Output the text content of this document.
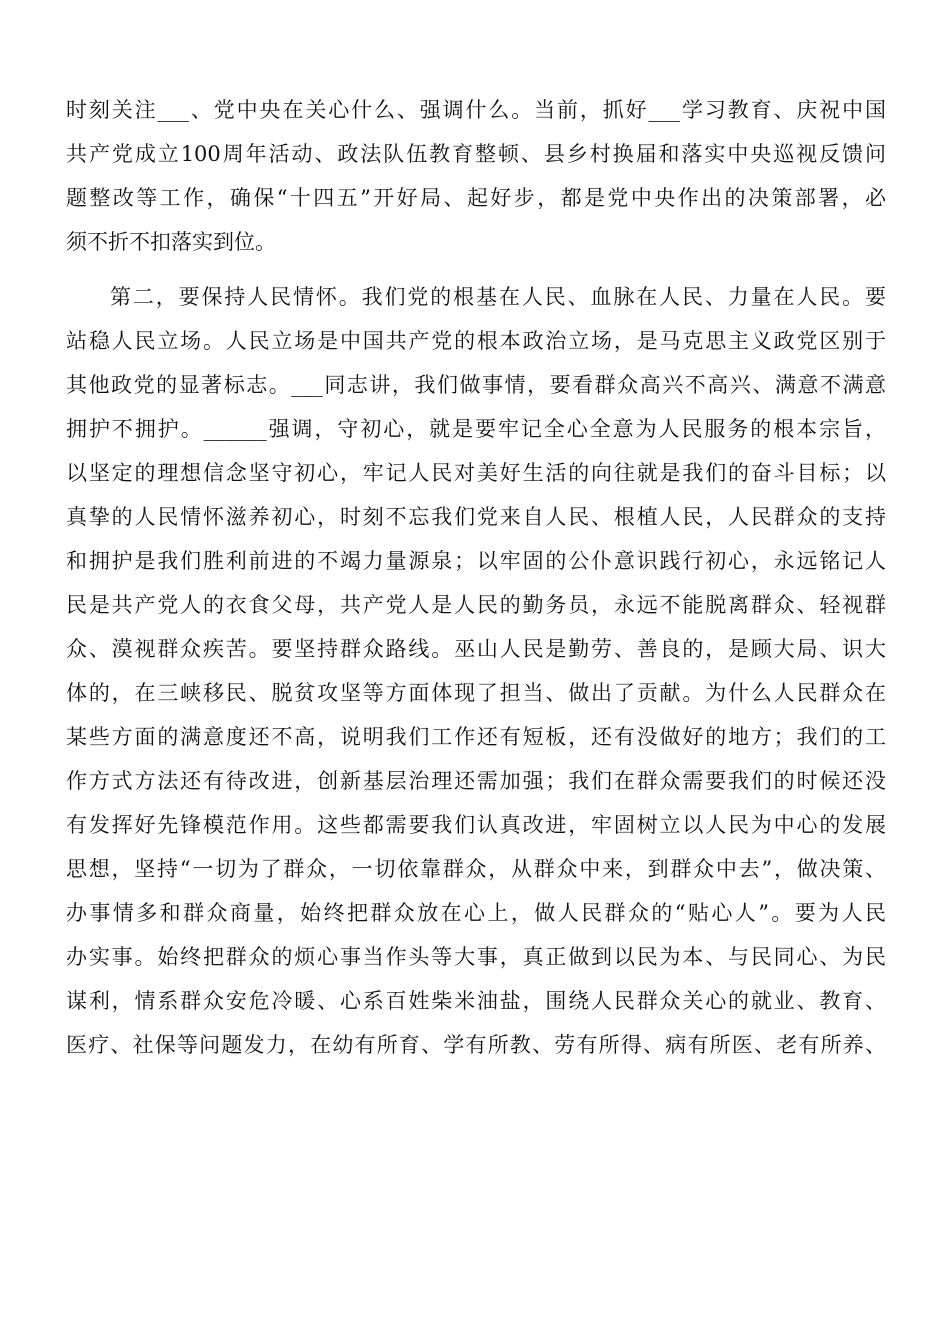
时刻关注___、党中央在关心什么、强调什么。当前，抓好___学习教育、庆祝中国
共产党成立100周年活动、政法队伍教育整顿、县乡村换届和落实中央巡视反馈问
题整改等工作，确保“十四五”开好局、起好步，都是党中央作出的决策部署，必
须不折不扣落实到位。
第二，要保持人民情怀。我们党的根基在人民、血脉在人民、力量在人民。要
站稳人民立场。人民立场是中国共产党的根本政治立场，是马克思主义政党区别于
其他政党的显著标志。___同志讲，我们做事情，要看群众高兴不高兴、满意不满意
拥护不拥护。______强调，守初心，就是要牢记全心全意为人民服务的根本宗旨，
以坚定的理想信念坚守初心，牢记人民对美好生活的向往就是我们的奋斗目标；以
真挚的人民情怀滋养初心，时刻不忘我们党来自人民、根植人民，人民群众的支持
和拥护是我们胜利前进的不竭力量源泉；以牢固的公仆意识践行初心，永远铭记人
民是共产党人的衣食父母，共产党人是人民的勤务员，永远不能脱离群众、轻视群
众、漠视群众疾苦。要坚持群众路线。巫山人民是勤劳、善良的，是顾大局、识大
体的，在三峡移民、脱贫攻坚等方面体现了担当、做出了贡献。为什么人民群众在
某些方面的满意度还不高，说明我们工作还有短板，还有没做好的地方；我们的工
作方式方法还有待改进，创新基层治理还需加强；我们在群众需要我们的时候还没
有发挥好先锋模范作用。这些都需要我们认真改进，牢固树立以人民为中心的发展
思想，坚持“一切为了群众，一切依靠群众，从群众中来，到群众中去”，做决策、
办事情多和群众商量，始终把群众放在心上，做人民群众的“贴心人”。要为人民
办实事。始终把群众的烦心事当作头等大事，真正做到以民为本、与民同心、为民
谋利，情系群众安危冷暖、心系百姓柴米油盐，围绕人民群众关心的就业、教育、
医疗、社保等问题发力，在幼有所育、学有所教、劳有所得、病有所医、老有所养、
